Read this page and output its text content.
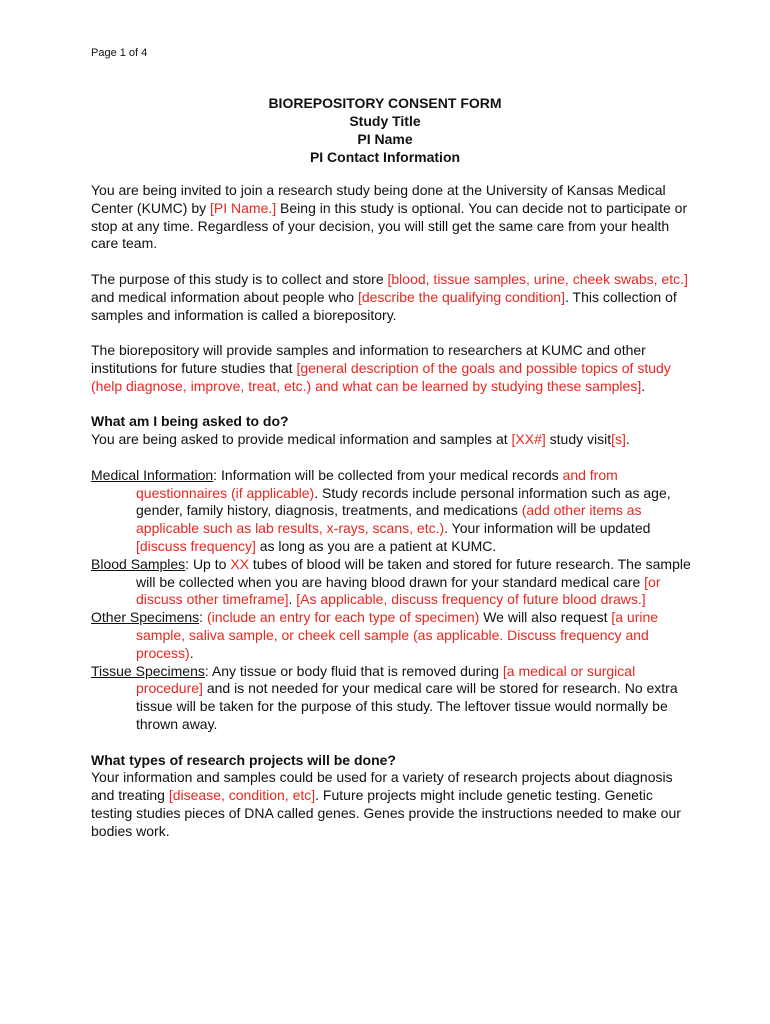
Page 1 of 4
BIOREPOSITORY CONSENT FORM
Study Title
PI Name
PI Contact Information

You are being invited to join a research study being done at the University of Kansas Medical Center (KUMC) by [PI Name.] Being in this study is optional. You can decide not to participate or stop at any time. Regardless of your decision, you will still get the same care from your health care team.

The purpose of this study is to collect and store [blood, tissue samples, urine, cheek swabs, etc.] and medical information about people who [describe the qualifying condition]. This collection of samples and information is called a biorepository.

The biorepository will provide samples and information to researchers at KUMC and other institutions for future studies that [general description of the goals and possible topics of study (help diagnose, improve, treat, etc.) and what can be learned by studying these samples].

What am I being asked to do?
You are being asked to provide medical information and samples at [XX#] study visit[s].

Medical Information: Information will be collected from your medical records and from questionnaires (if applicable). Study records include personal information such as age, gender, family history, diagnosis, treatments, and medications (add other items as applicable such as lab results, x-rays, scans, etc.). Your information will be updated [discuss frequency] as long as you are a patient at KUMC.

Blood Samples: Up to XX tubes of blood will be taken and stored for future research. The sample will be collected when you are having blood drawn for your standard medical care [or discuss other timeframe]. [As applicable, discuss frequency of future blood draws.]

Other Specimens: (include an entry for each type of specimen) We will also request [a urine sample, saliva sample, or cheek cell sample (as applicable. Discuss frequency and process).

Tissue Specimens: Any tissue or body fluid that is removed during [a medical or surgical procedure] and is not needed for your medical care will be stored for research. No extra tissue will be taken for the purpose of this study. The leftover tissue would normally be thrown away.

What types of research projects will be done?
Your information and samples could be used for a variety of research projects about diagnosis and treating [disease, condition, etc]. Future projects might include genetic testing. Genetic testing studies pieces of DNA called genes. Genes provide the instructions needed to make our bodies work.
